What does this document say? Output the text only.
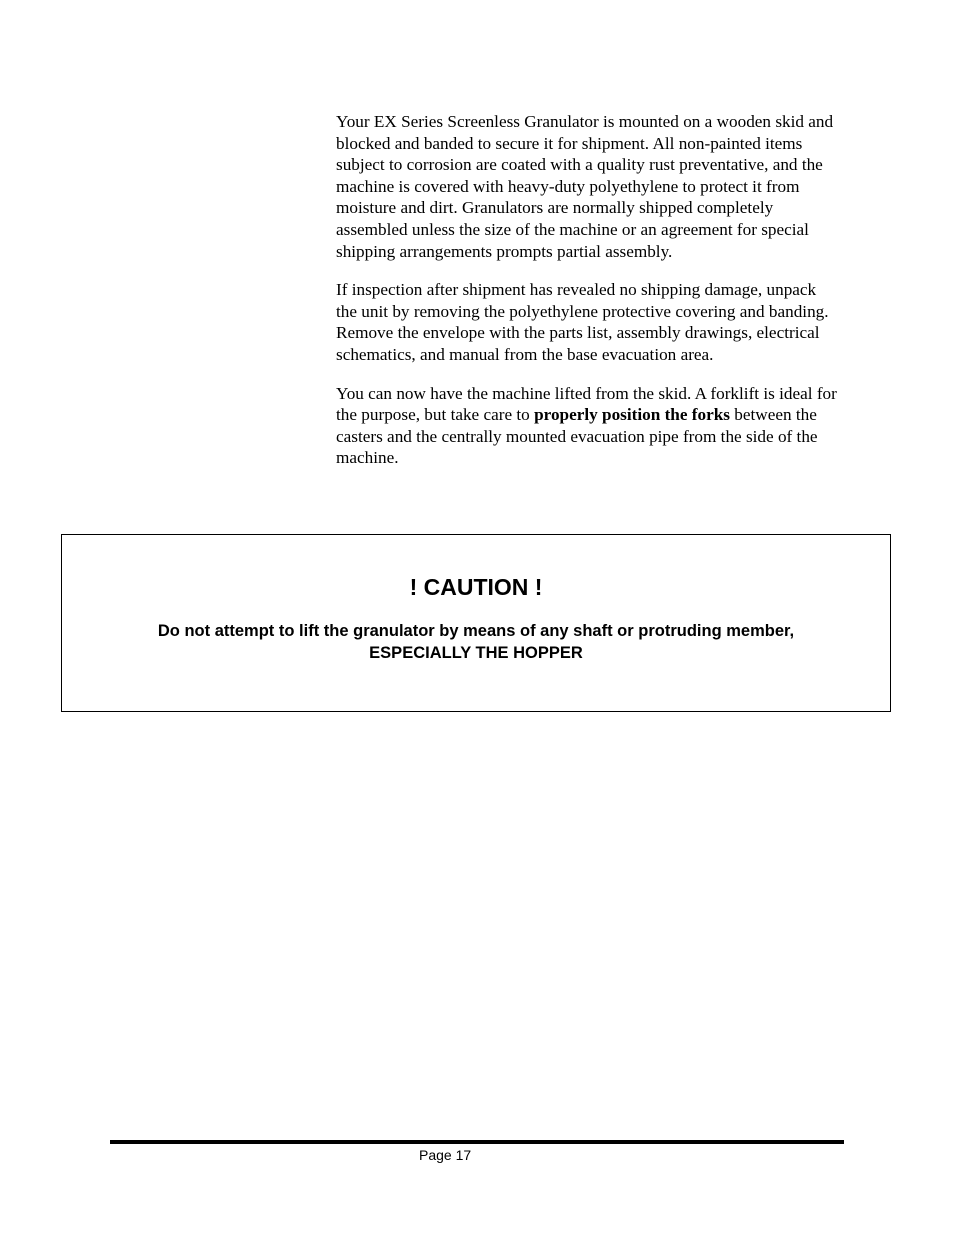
Your EX Series Screenless Granulator is mounted on a wooden skid and blocked and banded to secure it for shipment. All non-painted items subject to corrosion are coated with a quality rust preventative, and the machine is covered with heavy-duty polyethylene to protect it from moisture and dirt. Granulators are normally shipped completely assembled unless the size of the machine or an agreement for special shipping arrangements prompts partial assembly.

If inspection after shipment has revealed no shipping damage, unpack the unit by removing the polyethylene protective covering and banding. Remove the envelope with the parts list, assembly drawings, electrical schematics, and manual from the base evacuation area.

You can now have the machine lifted from the skid. A forklift is ideal for the purpose, but take care to properly position the forks between the casters and the centrally mounted evacuation pipe from the side of the machine.

! CAUTION !
Do not attempt to lift the granulator by means of any shaft or protruding member,
ESPECIALLY THE HOPPER
Page 17
